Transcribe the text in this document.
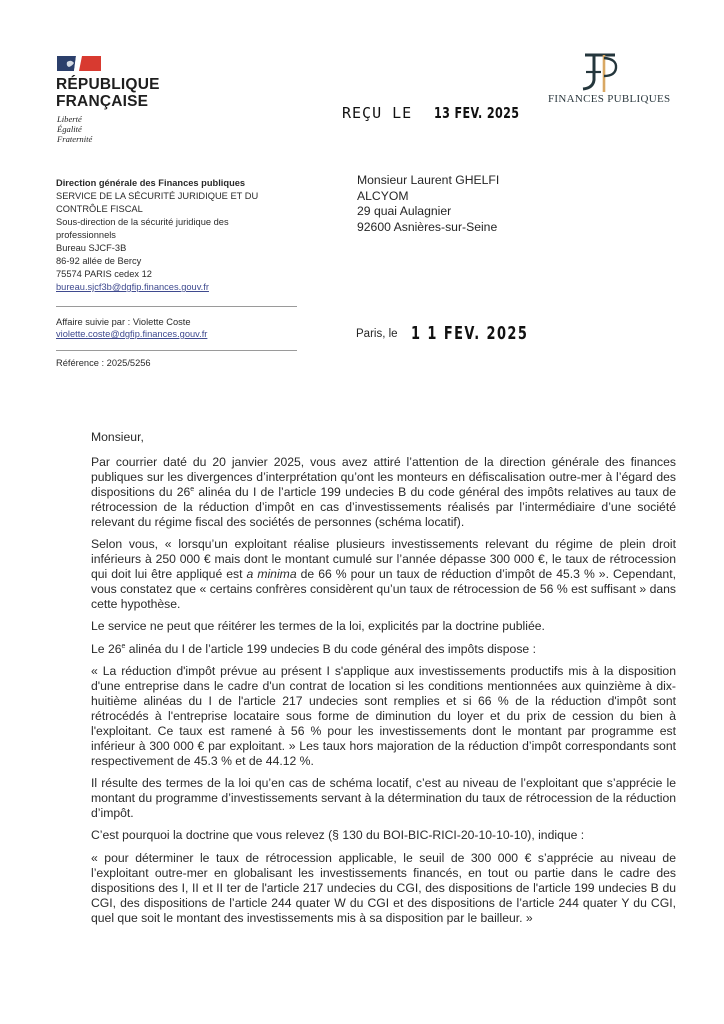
RÉPUBLIQUE
FRANÇAISE
Liberté
Égalité
Fraternité
FINANCES PUBLIQUES
REÇU LE 13 FEV. 2025
Direction générale des Finances publiques
SERVICE DE LA SÉCURITÉ JURIDIQUE ET DU
CONTRÔLE FISCAL
Sous-direction de la sécurité juridique des
professionnels
Bureau SJCF-3B
86-92 allée de Bercy
75574 PARIS cedex 12
bureau.sjcf3b@dgfip.finances.gouv.fr
Affaire suivie par : Violette Coste
violette.coste@dgfip.finances.gouv.fr
Référence : 2025/5256
Monsieur Laurent GHELFI
ALCYOM
29 quai Aulagnier
92600 Asnières-sur-Seine
Paris, le 1 1 FEV. 2025

Monsieur,

Par courrier daté du 20 janvier 2025, vous avez attiré l’attention de la direction générale des finances publiques sur les divergences d’interprétation qu’ont les monteurs en défiscalisation outre-mer à l’égard des dispositions du 26e alinéa du I de l’article 199 undecies B du code général des impôts relatives au taux de rétrocession de la réduction d’impôt en cas d’investissements réalisés par l’intermédiaire d’une société relevant du régime fiscal des sociétés de personnes (schéma locatif).

Selon vous, « lorsqu’un exploitant réalise plusieurs investissements relevant du régime de plein droit inférieurs à 250 000 € mais dont le montant cumulé sur l’année dépasse 300 000 €, le taux de rétrocession qui doit lui être appliqué est a minima de 66 % pour un taux de réduction d’impôt de 45.3 % ». Cependant, vous constatez que « certains confrères considèrent qu’un taux de rétrocession de 56 % est suffisant » dans cette hypothèse.

Le service ne peut que réitérer les termes de la loi, explicités par la doctrine publiée.

Le 26e alinéa du I de l’article 199 undecies B du code général des impôts dispose :

« La réduction d'impôt prévue au présent I s'applique aux investissements productifs mis à la disposition d'une entreprise dans le cadre d'un contrat de location si les conditions mentionnées aux quinzième à dix-huitième alinéas du I de l'article 217 undecies sont remplies et si 66 % de la réduction d'impôt sont rétrocédés à l'entreprise locataire sous forme de diminution du loyer et du prix de cession du bien à l'exploitant. Ce taux est ramené à 56 % pour les investissements dont le montant par programme est inférieur à 300 000 € par exploitant. » Les taux hors majoration de la réduction d’impôt correspondants sont respectivement de 45.3 % et de 44.12 %.

Il résulte des termes de la loi qu’en cas de schéma locatif, c’est au niveau de l’exploitant que s’apprécie le montant du programme d’investissements servant à la détermination du taux de rétrocession de la réduction d’impôt.

C’est pourquoi la doctrine que vous relevez (§ 130 du BOI-BIC-RICI-20-10-10-10), indique :

« pour déterminer le taux de rétrocession applicable, le seuil de 300 000 € s’apprécie au niveau de l’exploitant outre-mer en globalisant les investissements financés, en tout ou partie dans le cadre des dispositions des I, II et II ter de l'article 217 undecies du CGI, des dispositions de l'article 199 undecies B du CGI, des dispositions de l’article 244 quater W du CGI et des dispositions de l’article 244 quater Y du CGI, quel que soit le montant des investissements mis à sa disposition par le bailleur. »
